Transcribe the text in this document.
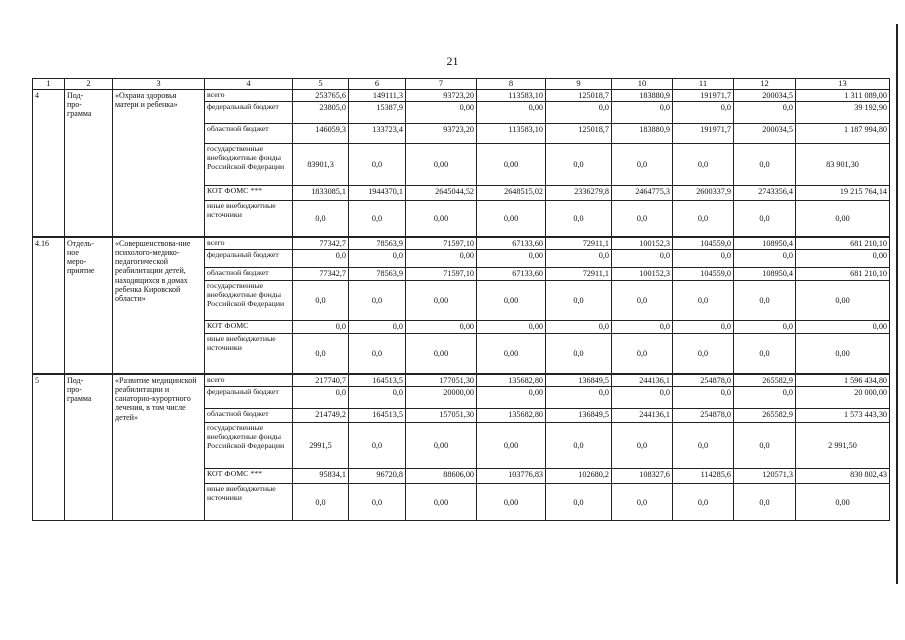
21
1	2	3	4	5	6	7	8	9	10	11	12	13
4	Под-
про-
грамма	«Охрана здоровья матери и ребенка»	всего	253765,6	149111,3	93723,20	113583,10	125018,7	183880,9	191971,7	200034,5	1 311 089,00
			федеральный бюджет	23805,0	15387,9	0,00	0,00	0,0	0,0	0,0	0,0	39 192,90
			областной бюджет	146059,3	133723,4	93723,20	113583,10	125018,7	183880,9	191971,7	200034,5	1 187 994,80
			государственные внебюджетные фонды Российской Федерации	83901,3	0,0	0,00	0,00	0,0	0,0	0,0	0,0	83 901,30
			КОТ ФОМС ***	1833085,1	1944370,1	2645044,52	2648515,02	2336279,8	2464775,3	2600337,9	2743356,4	19 215 764,14
			иные внебюджетные источники	0,0	0,0	0,00	0,00	0,0	0,0	0,0	0,0	0,00
4.16	Отдель-
ное
меро-
приятие	«Совершенствова-ние психолого-медико-педагогической реабилитации детей, находящихся в домах ребенка Кировской области»	всего	77342,7	78563,9	71597,10	67133,60	72911,1	100152,3	104559,0	108950,4	681 210,10
			федеральный бюджет	0,0	0,0	0,00	0,00	0,0	0,0	0,0	0,0	0,00
			областной бюджет	77342,7	78563,9	71597,10	67133,60	72911,1	100152,3	104559,0	108950,4	681 210,10
			государственные внебюджетные фонды Российской Федерации	0,0	0,0	0,00	0,00	0,0	0,0	0,0	0,0	0,00
			КОТ ФОМС	0,0	0,0	0,00	0,00	0,0	0,0	0,0	0,0	0,00
			иные внебюджетные источники	0,0	0,0	0,00	0,00	0,0	0,0	0,0	0,0	0,00
5	Под-
про-
грамма	«Развитие медицинской реабилитации и санаторно-курортного лечения, в том числе детей»	всего	217740,7	164513,5	177051,30	135682,80	136849,5	244136,1	254878,0	265582,9	1 596 434,80
			федеральный бюджет	0,0	0,0	20000,00	0,00	0,0	0,0	0,0	0,0	20 000,00
			областной бюджет	214749,2	164513,5	157051,30	135682,80	136849,5	244136,1	254878,0	265582,9	1 573 443,30
			государственные внебюджетные фонды Российской Федерации	2991,5	0,0	0,00	0,00	0,0	0,0	0,0	0,0	2 991,50
			КОТ ФОМС ***	95834,1	96720,8	88606,00	103776,83	102680,2	108327,6	114285,6	120571,3	830 802,43
			иные внебюджетные источники	0,0	0,0	0,00	0,00	0,0	0,0	0,0	0,0	0,00
